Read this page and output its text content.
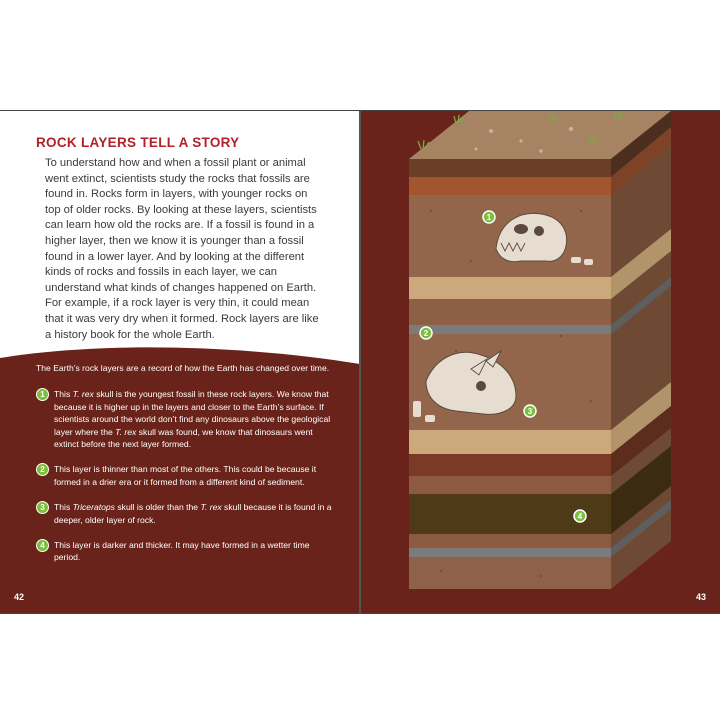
ROCK LAYERS TELL A STORY

To understand how and when a fossil plant or animal went extinct, scientists study the rocks that fossils are found in. Rocks form in layers, with younger rocks on top of older rocks. By looking at these layers, scientists can learn how old the rocks are. If a fossil is found in a higher layer, then we know it is younger than a fossil found in a lower layer. And by looking at the different kinds of rocks and fossils in each layer, we can understand what kinds of changes happened on Earth. For example, if a rock layer is very thin, it could mean that it was very dry when it formed. Rock layers are like a history book for the whole Earth.

The Earth’s rock layers are a record of how the Earth has changed over time.

1	This T. rex skull is the youngest fossil in these rock layers. We know that because it is higher up in the layers and closer to the Earth’s surface. If scientists around the world don’t find any dinosaurs above the geological layer where the T. rex skull was found, we know that dinosaurs went extinct before the next layer formed.
2	This layer is thinner than most of the others. This could be because it formed in a drier era or it formed from a different kind of sediment.
3	This Triceratops skull is older than the T. rex skull because it is found in a deeper, older layer of rock.
4	This layer is darker and thicker. It may have formed in a wetter time period.
42
1
2
3
4
43
